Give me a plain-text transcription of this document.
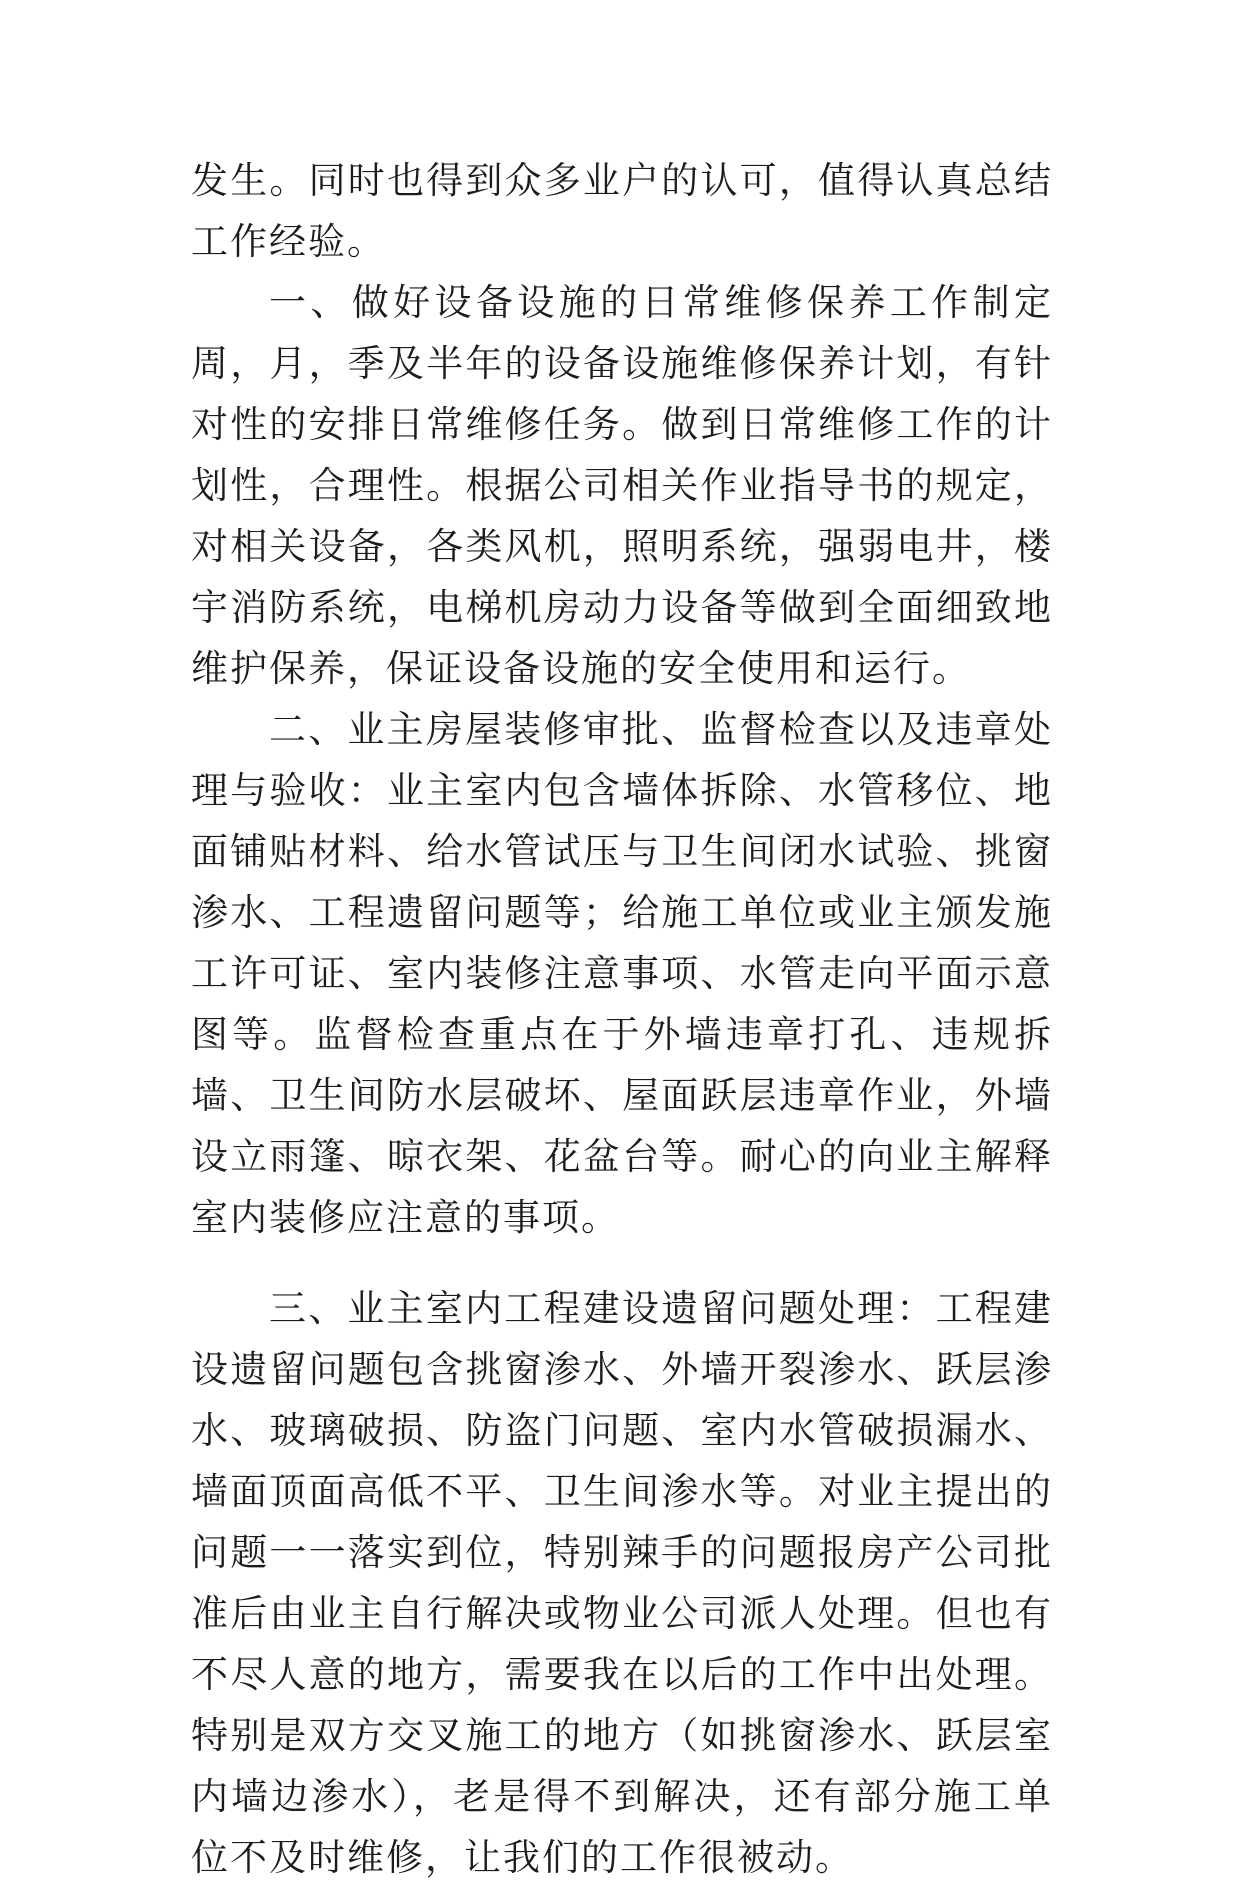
发生。同时也得到众多业户的认可，值得认真总结工作经验。

一、做好设备设施的日常维修保养工作制定周，月，季及半年的设备设施维修保养计划，有针对性的安排日常维修任务。做到日常维修工作的计划性，合理性。根据公司相关作业指导书的规定，对相关设备，各类风机，照明系统，强弱电井，楼宇消防系统，电梯机房动力设备等做到全面细致地维护保养，保证设备设施的安全使用和运行。

二、业主房屋装修审批、监督检查以及违章处理与验收：业主室内包含墙体拆除、水管移位、地面铺贴材料、给水管试压与卫生间闭水试验、挑窗渗水、工程遗留问题等；给施工单位或业主颁发施工许可证、室内装修注意事项、水管走向平面示意图等。监督检查重点在于外墙违章打孔、违规拆墙、卫生间防水层破坏、屋面跃层违章作业，外墙设立雨篷、晾衣架、花盆台等。耐心的向业主解释室内装修应注意的事项。

三、业主室内工程建设遗留问题处理：工程建设遗留问题包含挑窗渗水、外墙开裂渗水、跃层渗水、玻璃破损、防盗门问题、室内水管破损漏水、墙面顶面高低不平、卫生间渗水等。对业主提出的问题一一落实到位，特别辣手的问题报房产公司批准后由业主自行解决或物业公司派人处理。但也有不尽人意的地方，需要我在以后的工作中出处理。特别是双方交叉施工的地方（如挑窗渗水、跃层室内墙边渗水），老是得不到解决，还有部分施工单位不及时维修，让我们的工作很被动。
